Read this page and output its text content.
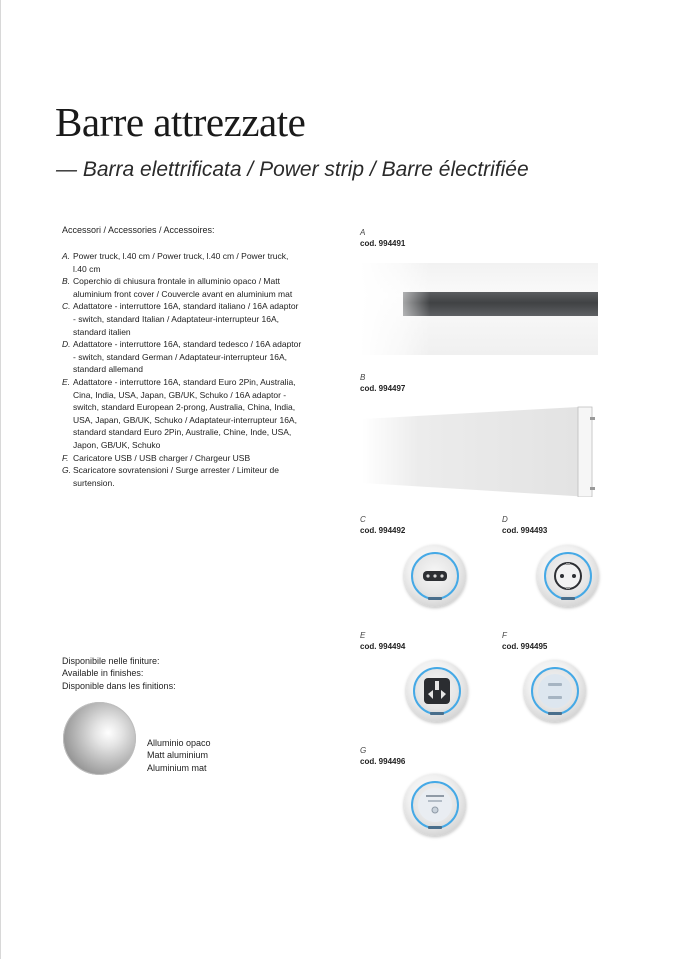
Barre attrezzate
— Barra elettrificata / Power strip / Barre électrifiée
Accessori / Accessories / Accessoires:
A. Power truck, l.40 cm / Power truck, l.40 cm / Power truck, l.40 cm
B. Coperchio di chiusura frontale in alluminio opaco / Matt aluminium front cover / Couvercle avant en aluminium mat
C. Adattatore - interruttore 16A, standard italiano / 16A adaptor - switch, standard Italian / Adaptateur-interrupteur 16A, standard italien
D. Adattatore - interruttore 16A, standard tedesco / 16A adaptor - switch, standard German / Adaptateur-interrupteur 16A, standard allemand
E. Adattatore - interruttore 16A, standard Euro 2Pin, Australia, Cina, India, USA, Japan, GB/UK, Schuko / 16A adaptor - switch, standard European 2-prong, Australia, China, India, USA, Japan, GB/UK, Schuko / Adaptateur-interrupteur 16A, standard standard Euro 2Pin, Australie, Chine, Inde, USA, Japon, GB/UK, Schuko
F. Caricatore USB / USB charger / Chargeur USB
G. Scaricatore sovratensioni / Surge arrester / Limiteur de surtension.
Disponibile nelle finiture:
Available in finishes:
Disponible dans les finitions:
Alluminio opaco
Matt aluminium
Aluminium mat
A
cod. 994491
B
cod. 994497
C
cod. 994492
D
cod. 994493
E
cod. 994494
F
cod. 994495
G
cod. 994496
